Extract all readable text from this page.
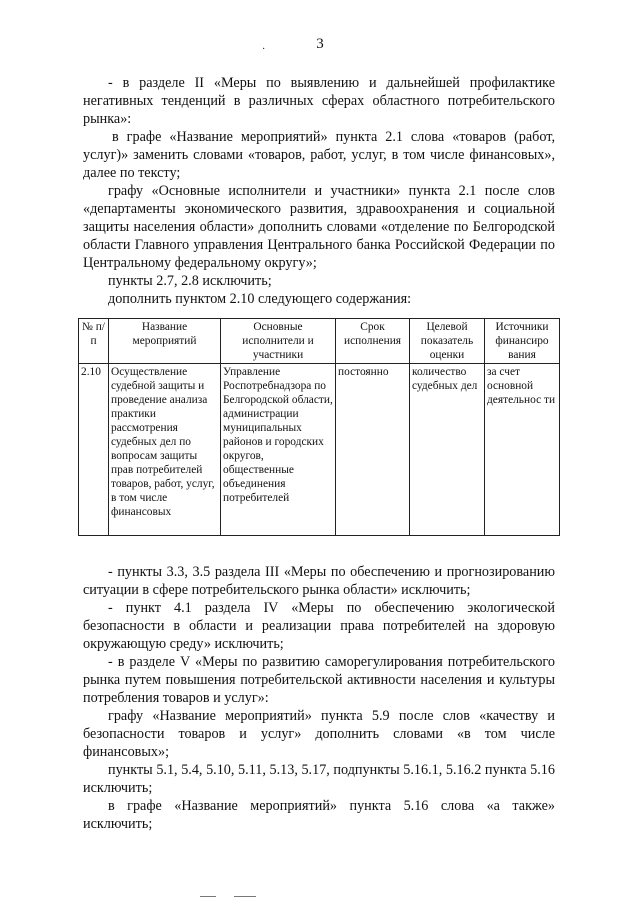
3
·

- в разделе II «Меры по выявлению и дальнейшей профилактике негативных тенденций в различных сферах областного потребительского рынка»:

в графе «Название мероприятий» пункта 2.1 слова «товаров (работ, услуг)» заменить словами «товаров, работ, услуг, в том числе финансовых», далее по тексту;

графу «Основные исполнители и участники» пункта 2.1 после слов «департаменты экономического развития, здравоохранения и социальной защиты населения области» дополнить словами «отделение по Белгородской области Главного управления Центрального банка Российской Федерации по Центральному федеральному округу»;

пункты 2.7, 2.8 исключить;

дополнить пунктом 2.10 следующего содержания:

№ п/п	Название мероприятий	Основные исполнители и участники	Срок исполнения	Целевой показатель оценки	Источники финансиро вания
2.10	Осуществление судебной защиты и проведение анализа практики рассмотрения судебных дел по вопросам защиты прав потребителей товаров, работ, услуг, в том числе финансовых	Управление Роспотребнадзора по Белгородской области, администрации муниципальных районов и городских округов, общественные объединения потребителей	постоянно	количество судебных дел	за счет основной деятельнос ти

- пункты 3.3, 3.5 раздела III «Меры по обеспечению и прогнозированию ситуации в сфере потребительского рынка области» исключить;

- пункт 4.1 раздела IV «Меры по обеспечению экологической безопасности в области и реализации права потребителей на здоровую окружающую среду» исключить;

- в разделе V «Меры по развитию саморегулирования потребительского рынка путем повышения потребительской активности населения и культуры потребления товаров и услуг»:

графу «Название мероприятий» пункта 5.9 после слов «качеству и безопасности товаров и услуг» дополнить словами «в том числе финансовых»;

пункты 5.1, 5.4, 5.10, 5.11, 5.13, 5.17, подпункты 5.16.1, 5.16.2 пункта 5.16 исключить;

в графе «Название мероприятий» пункта 5.16 слова «а также» исключить;
